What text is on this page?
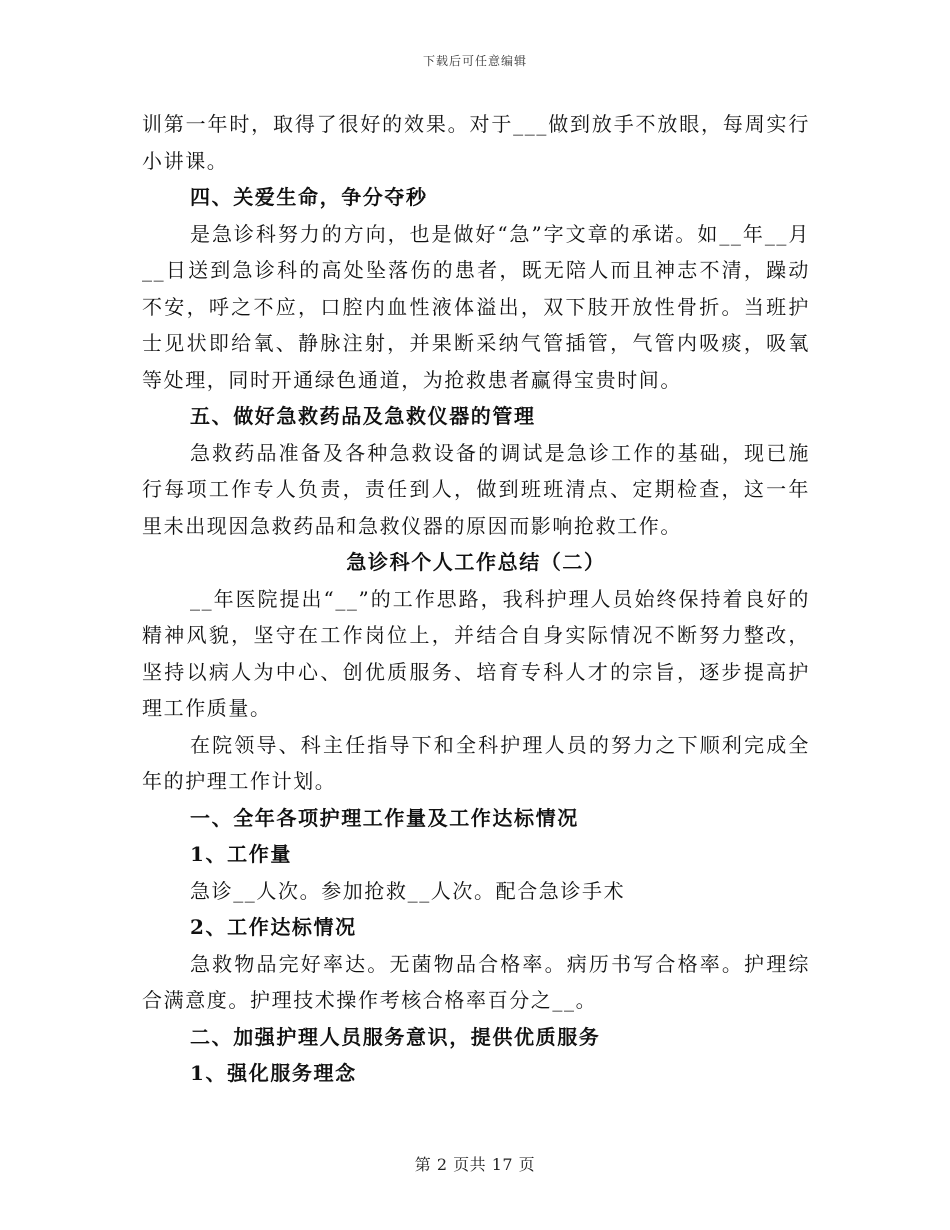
下载后可任意编辑

训第一年时，取得了很好的效果。对于___做到放手不放眼，每周实行小讲课。

四、关爱生命，争分夺秒

是急诊科努力的方向，也是做好“急”字文章的承诺。如__年__月__日送到急诊科的高处坠落伤的患者，既无陪人而且神志不清，躁动不安，呼之不应，口腔内血性液体溢出，双下肢开放性骨折。当班护士见状即给氧、静脉注射，并果断采纳气管插管，气管内吸痰，吸氧等处理，同时开通绿色通道，为抢救患者赢得宝贵时间。

五、做好急救药品及急救仪器的管理

急救药品准备及各种急救设备的调试是急诊工作的基础，现已施行每项工作专人负责，责任到人，做到班班清点、定期检查，这一年里未出现因急救药品和急救仪器的原因而影响抢救工作。

急诊科个人工作总结（二）

__年医院提出“__”的工作思路，我科护理人员始终保持着良好的精神风貌，坚守在工作岗位上，并结合自身实际情况不断努力整改，坚持以病人为中心、创优质服务、培育专科人才的宗旨，逐步提高护理工作质量。

在院领导、科主任指导下和全科护理人员的努力之下顺利完成全年的护理工作计划。

一、全年各项护理工作量及工作达标情况

1、工作量

急诊__人次。参加抢救__人次。配合急诊手术

2、工作达标情况

急救物品完好率达。无菌物品合格率。病历书写合格率。护理综合满意度。护理技术操作考核合格率百分之__。

二、加强护理人员服务意识，提供优质服务

1、强化服务理念

第 2 页共 17 页
